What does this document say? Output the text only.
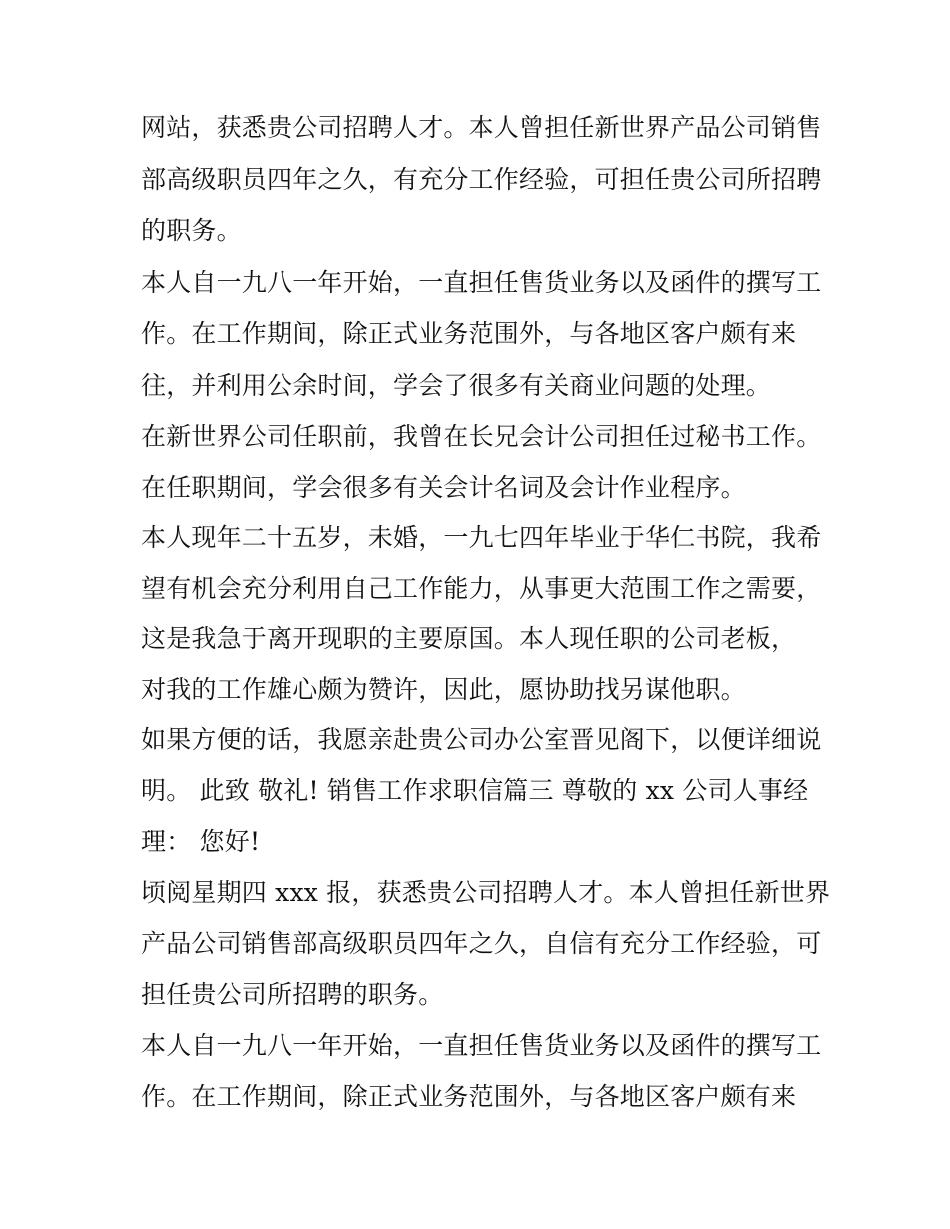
网站，获悉贵公司招聘人才。本人曾担任新世界产品公司销售
部高级职员四年之久，有充分工作经验，可担任贵公司所招聘
的职务。
本人自一九八一年开始，一直担任售货业务以及函件的撰写工
作。在工作期间，除正式业务范围外，与各地区客户颇有来
往，并利用公余时间，学会了很多有关商业问题的处理。
在新世界公司任职前，我曾在长兄会计公司担任过秘书工作。
在任职期间，学会很多有关会计名词及会计作业程序。
本人现年二十五岁，未婚，一九七四年毕业于华仁书院，我希
望有机会充分利用自己工作能力，从事更大范围工作之需要，
这是我急于离开现职的主要原国。本人现任职的公司老板，
对我的工作雄心颇为赞许，因此，愿协助找另谋他职。
如果方便的话，我愿亲赴贵公司办公室晋见阁下，以便详细说
明。 此致 敬礼! 销售工作求职信篇三 尊敬的 xx 公司人事经
理： 您好!
顷阅星期四 xxx 报，获悉贵公司招聘人才。本人曾担任新世界
产品公司销售部高级职员四年之久，自信有充分工作经验，可
担任贵公司所招聘的职务。
本人自一九八一年开始，一直担任售货业务以及函件的撰写工
作。在工作期间，除正式业务范围外，与各地区客户颇有来
